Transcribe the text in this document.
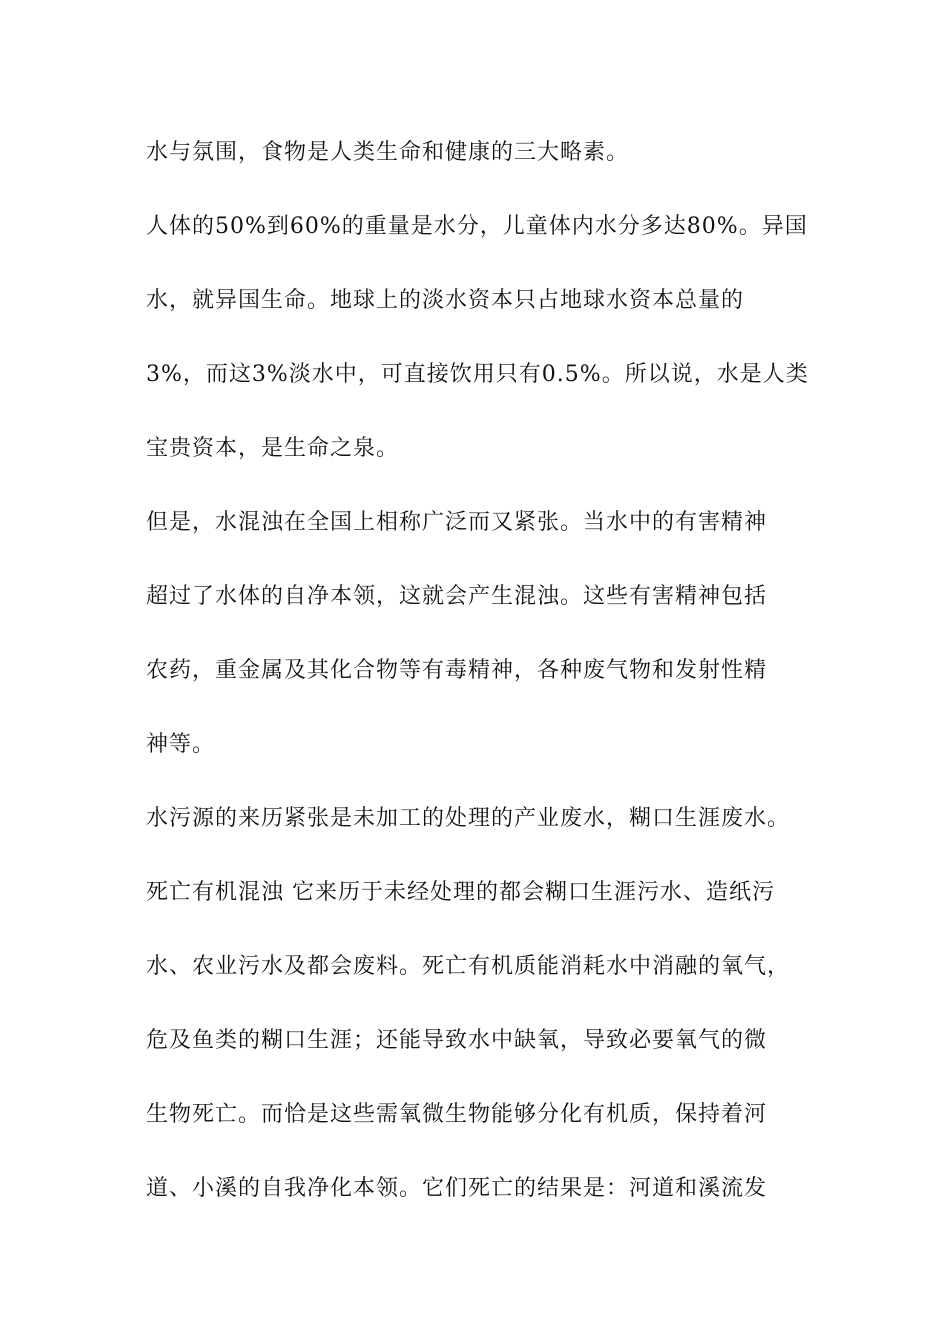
水与氛围，食物是人类生命和健康的三大略素。
人体的50%到60%的重量是水分，儿童体内水分多达80%。异国
水，就异国生命。地球上的淡水资本只占地球水资本总量的
3%，而这3%淡水中，可直接饮用只有0.5%。所以说，水是人类
宝贵资本，是生命之泉。
但是，水混浊在全国上相称广泛而又紧张。当水中的有害精神
超过了水体的自净本领，这就会产生混浊。这些有害精神包括
农药，重金属及其化合物等有毒精神，各种废气物和发射性精
神等。
水污源的来历紧张是未加工的处理的产业废水，糊口生涯废水。
死亡有机混浊 它来历于未经处理的都会糊口生涯污水、造纸污
水、农业污水及都会废料。死亡有机质能消耗水中消融的氧气，
危及鱼类的糊口生涯；还能导致水中缺氧，导致必要氧气的微
生物死亡。而恰是这些需氧微生物能够分化有机质，保持着河
道、小溪的自我净化本领。它们死亡的结果是：河道和溪流发
